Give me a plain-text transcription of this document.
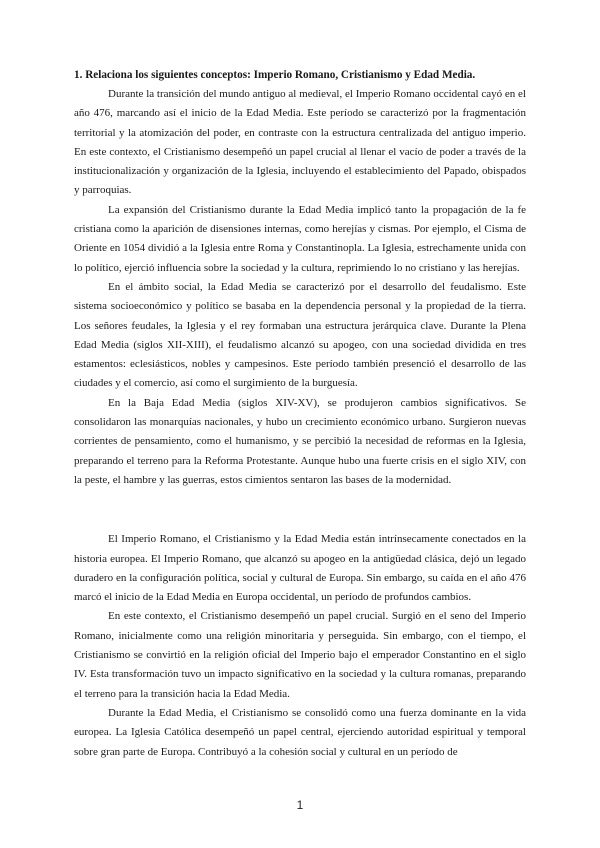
1. Relaciona los siguientes conceptos: Imperio Romano, Cristianismo y Edad Media.

Durante la transición del mundo antiguo al medieval, el Imperio Romano occidental cayó en el año 476, marcando así el inicio de la Edad Media. Este período se caracterizó por la fragmentación territorial y la atomización del poder, en contraste con la estructura centralizada del antiguo imperio. En este contexto, el Cristianismo desempeñó un papel crucial al llenar el vacío de poder a través de la institucionalización y organización de la Iglesia, incluyendo el establecimiento del Papado, obispados y parroquias.

La expansión del Cristianismo durante la Edad Media implicó tanto la propagación de la fe cristiana como la aparición de disensiones internas, como herejías y cismas. Por ejemplo, el Cisma de Oriente en 1054 dividió a la Iglesia entre Roma y Constantinopla. La Iglesia, estrechamente unida con lo político, ejerció influencia sobre la sociedad y la cultura, reprimiendo lo no cristiano y las herejías.

En el ámbito social, la Edad Media se caracterizó por el desarrollo del feudalismo. Este sistema socioeconómico y político se basaba en la dependencia personal y la propiedad de la tierra. Los señores feudales, la Iglesia y el rey formaban una estructura jerárquica clave. Durante la Plena Edad Media (siglos XII-XIII), el feudalismo alcanzó su apogeo, con una sociedad dividida en tres estamentos: eclesiásticos, nobles y campesinos. Este período también presenció el desarrollo de las ciudades y el comercio, así como el surgimiento de la burguesía.

En la Baja Edad Media (siglos XIV-XV), se produjeron cambios significativos. Se consolidaron las monarquías nacionales, y hubo un crecimiento económico urbano. Surgieron nuevas corrientes de pensamiento, como el humanismo, y se percibió la necesidad de reformas en la Iglesia, preparando el terreno para la Reforma Protestante. Aunque hubo una fuerte crisis en el siglo XIV, con la peste, el hambre y las guerras, estos cimientos sentaron las bases de la modernidad.

El Imperio Romano, el Cristianismo y la Edad Media están intrínsecamente conectados en la historia europea. El Imperio Romano, que alcanzó su apogeo en la antigüedad clásica, dejó un legado duradero en la configuración política, social y cultural de Europa. Sin embargo, su caída en el año 476 marcó el inicio de la Edad Media en Europa occidental, un período de profundos cambios.

En este contexto, el Cristianismo desempeñó un papel crucial. Surgió en el seno del Imperio Romano, inicialmente como una religión minoritaria y perseguida. Sin embargo, con el tiempo, el Cristianismo se convirtió en la religión oficial del Imperio bajo el emperador Constantino en el siglo IV. Esta transformación tuvo un impacto significativo en la sociedad y la cultura romanas, preparando el terreno para la transición hacia la Edad Media.

Durante la Edad Media, el Cristianismo se consolidó como una fuerza dominante en la vida europea. La Iglesia Católica desempeñó un papel central, ejerciendo autoridad espiritual y temporal sobre gran parte de Europa. Contribuyó a la cohesión social y cultural en un período de

1
